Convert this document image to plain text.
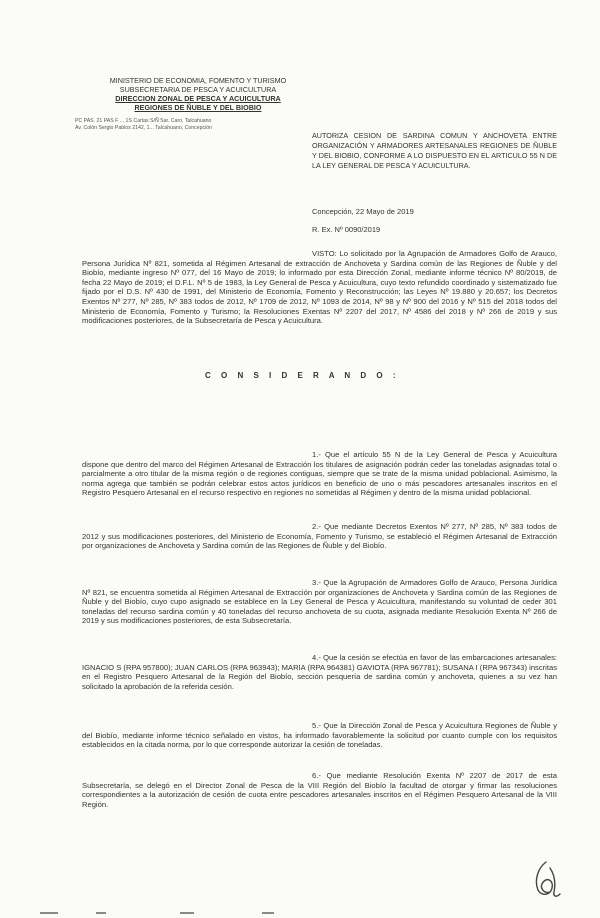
MINISTERIO DE ECONOMIA, FOMENTO Y TURISMO
SUBSECRETARIA DE PESCA Y ACUICULTURA
DIRECCION ZONAL DE PESCA Y ACUICULTURA
REGIONES DE ÑUBLE Y DEL BIOBIO
PC PAS. 21 PAS F ... 1S Cartas S/Ñ Sar. Caro, Talcahuano
Av. Colón Sergio Pablos 2142, 1... Talcahuano, Concepción
AUTORIZA CESION DE SARDINA COMUN Y ANCHOVETA ENTRE ORGANIZACIÓN Y ARMADORES ARTESANALES REGIONES DE ÑUBLE Y DEL BIOBIO, CONFORME A LO DISPUESTO EN EL ARTICULO 55 N DE LA LEY GENERAL DE PESCA Y ACUICULTURA.
Concepción, 22 Mayo de 2019
R. Ex. Nº 0090/2019
VISTO: Lo solicitado por la Agrupación de Armadores Golfo de Arauco, Persona Jurídica Nº 821, sometida al Régimen Artesanal de extracción de Anchoveta y Sardina común de las Regiones de Ñuble y del Biobío, mediante ingreso Nº 077, del 16 Mayo de 2019; lo informado por esta Dirección Zonal, mediante informe técnico Nº 80/2019, de fecha 22 Mayo de 2019; el D.F.L. Nº 5 de 1983, la Ley General de Pesca y Acuicultura, cuyo texto refundido coordinado y sistematizado fue fijado por el D.S. Nº 430 de 1991, del Ministerio de Economía, Fomento y Reconstrucción; las Leyes Nº 19.880 y 20.657; los Decretos Exentos Nº 277, Nº 285, Nº 383 todos de 2012, Nº 1709 de 2012, Nº 1093 de 2014, Nº 98 y Nº 900 del 2016 y Nº 515 del 2018 todos del Ministerio de Economía, Fomento y Turismo; la Resoluciones Exentas Nº 2207 del 2017, Nº 4586 del 2018 y Nº 266 de 2019 y sus modificaciones posteriores, de la Subsecretaría de Pesca y Acuicultura.
C O N S I D E R A N D O :
1.- Que el artículo 55 N de la Ley General de Pesca y Acuicultura dispone que dentro del marco del Régimen Artesanal de Extracción los titulares de asignación podrán ceder las toneladas asignadas total o parcialmente a otro titular de la misma región o de regiones contiguas, siempre que se trate de la misma unidad poblacional. Asimismo, la norma agrega que también se podrán celebrar estos actos jurídicos en beneficio de uno o más pescadores artesanales inscritos en el Registro Pesquero Artesanal en el recurso respectivo en regiones no sometidas al Régimen y dentro de la misma unidad poblacional.
2.- Que mediante Decretos Exentos Nº 277, Nº 285, Nº 383 todos de 2012 y sus modificaciones posteriores, del Ministerio de Economía, Fomento y Turismo, se estableció el Régimen Artesanal de Extracción por organizaciones de Anchoveta y Sardina común de las Regiones de Ñuble y del Biobío.
3.- Que la Agrupación de Armadores Golfo de Arauco, Persona Jurídica Nº 821, se encuentra sometida al Régimen Artesanal de Extracción por organizaciones de Anchoveta y Sardina común de las Regiones de Ñuble y del Biobío, cuyo cupo asignado se establece en la Ley General de Pesca y Acuicultura, manifestando su voluntad de ceder 301 toneladas del recurso sardina común y 40 toneladas del recurso anchoveta de su cuota, asignada mediante Resolución Exenta Nº 266 de 2019 y sus modificaciones posteriores, de esta Subsecretaría.
4.- Que la cesión se efectúa en favor de las embarcaciones artesanales: IGNACIO S (RPA 957800); JUAN CARLOS (RPA 963943); MARIA (RPA 964381) GAVIOTA (RPA 967781); SUSANA I (RPA 967343) inscritas en el Registro Pesquero Artesanal de la Región del Biobío, sección pesquería de sardina común y anchoveta, quienes a su vez han solicitado la aprobación de la referida cesión.
5.- Que la Dirección Zonal de Pesca y Acuicultura Regiones de Ñuble y del Biobío, mediante informe técnico señalado en vistos, ha informado favorablemente la solicitud por cuanto cumple con los requisitos establecidos en la citada norma, por lo que corresponde autorizar la cesión de toneladas.
6.- Que mediante Resolución Exenta Nº 2207 de 2017 de esta Subsecretaría, se delegó en el Director Zonal de Pesca de la VIII Región del Biobío la facultad de otorgar y firmar las resoluciones correspondientes a la autorización de cesión de cuota entre pescadores artesanales inscritos en el Régimen Pesquero Artesanal de la VIII Región.
